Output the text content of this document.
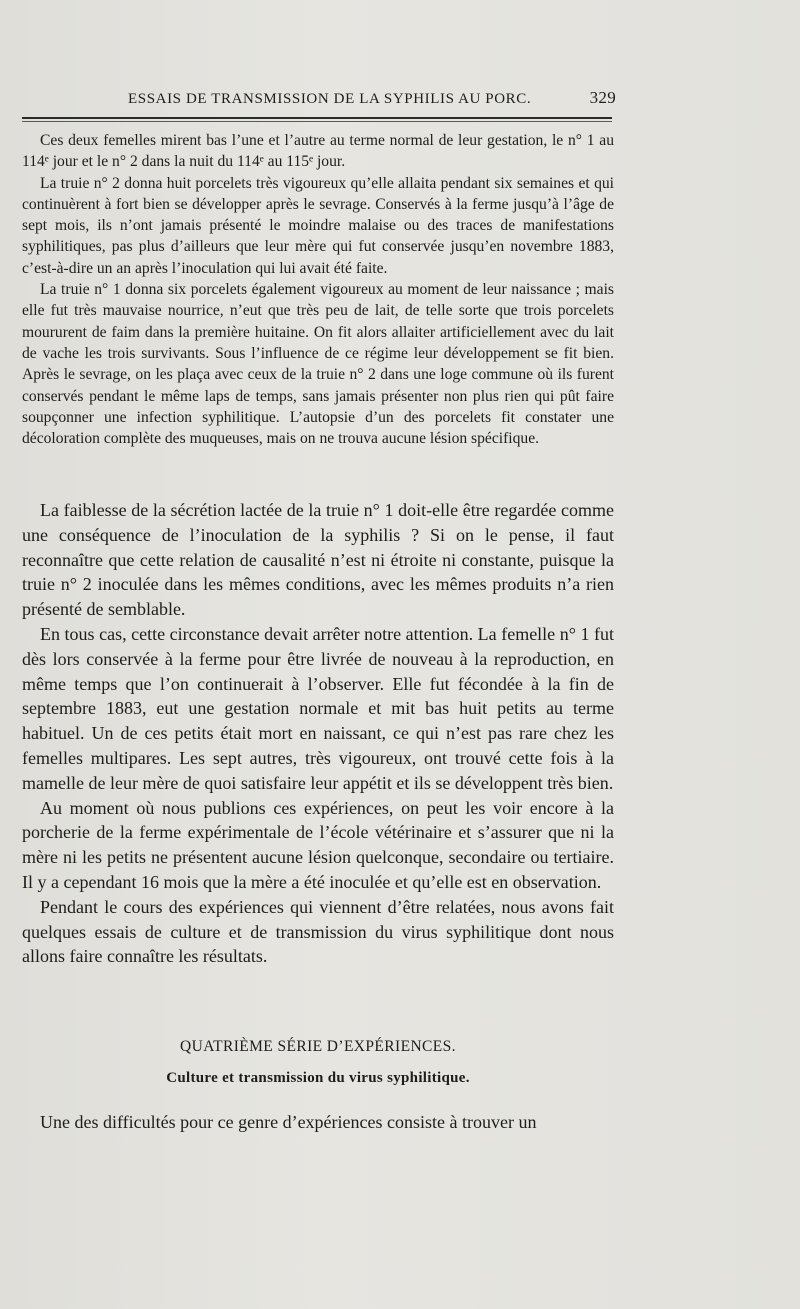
ESSAIS DE TRANSMISSION DE LA SYPHILIS AU PORC.	329

Ces deux femelles mirent bas l’une et l’autre au terme normal de leur gestation, le n° 1 au 114ᵉ jour et le n° 2 dans la nuit du 114ᵉ au 115ᵉ jour.

La truie n° 2 donna huit porcelets très vigoureux qu’elle allaita pendant six semaines et qui continuèrent à fort bien se développer après le sevrage. Conservés à la ferme jusqu’à l’âge de sept mois, ils n’ont jamais présenté le moindre malaise ou des traces de manifestations syphilitiques, pas plus d’ailleurs que leur mère qui fut conservée jusqu’en novembre 1883, c’est-à-dire un an après l’inoculation qui lui avait été faite.

La truie n° 1 donna six porcelets également vigoureux au moment de leur naissance ; mais elle fut très mauvaise nourrice, n’eut que très peu de lait, de telle sorte que trois porcelets moururent de faim dans la première huitaine. On fit alors allaiter artificiellement avec du lait de vache les trois survivants. Sous l’influence de ce régime leur développement se fit bien. Après le sevrage, on les plaça avec ceux de la truie n° 2 dans une loge commune où ils furent conservés pendant le même laps de temps, sans jamais présenter non plus rien qui pût faire soupçonner une infection syphilitique. L’autopsie d’un des porcelets fit constater une décoloration complète des muqueuses, mais on ne trouva aucune lésion spécifique.

La faiblesse de la sécrétion lactée de la truie n° 1 doit-elle être regardée comme une conséquence de l’inoculation de la syphilis ? Si on le pense, il faut reconnaître que cette relation de causalité n’est ni étroite ni constante, puisque la truie n° 2 inoculée dans les mêmes conditions, avec les mêmes produits n’a rien présenté de semblable.

En tous cas, cette circonstance devait arrêter notre attention. La femelle n° 1 fut dès lors conservée à la ferme pour être livrée de nouveau à la reproduction, en même temps que l’on continuerait à l’observer. Elle fut fécondée à la fin de septembre 1883, eut une gestation normale et mit bas huit petits au terme habituel. Un de ces petits était mort en naissant, ce qui n’est pas rare chez les femelles multipares. Les sept autres, très vigoureux, ont trouvé cette fois à la mamelle de leur mère de quoi satisfaire leur appétit et ils se développent très bien.

Au moment où nous publions ces expériences, on peut les voir encore à la porcherie de la ferme expérimentale de l’école vétérinaire et s’assurer que ni la mère ni les petits ne présentent aucune lésion quelconque, secondaire ou tertiaire. Il y a cependant 16 mois que la mère a été inoculée et qu’elle est en observation.

Pendant le cours des expériences qui viennent d’être relatées, nous avons fait quelques essais de culture et de transmission du virus syphilitique dont nous allons faire connaître les résultats.

QUATRIÈME SÉRIE D’EXPÉRIENCES.
Culture et transmission du virus syphilitique.
Une des difficultés pour ce genre d’expériences consiste à trouver un
